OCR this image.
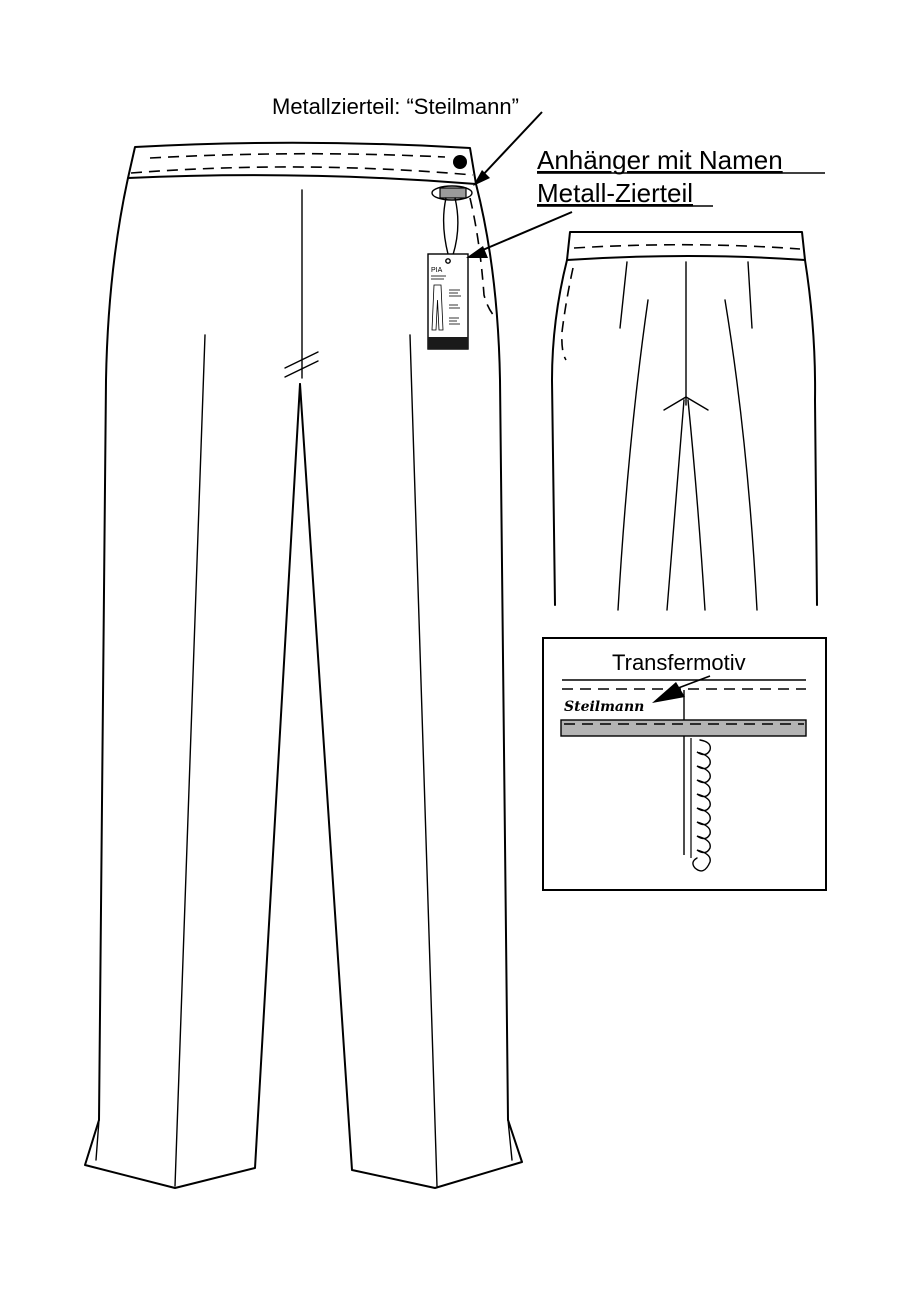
PIA
Metallzierteil: “Steilmann”
Anhänger mit Namen
Metall-Zierteil
Transfermotiv
Steilmann
